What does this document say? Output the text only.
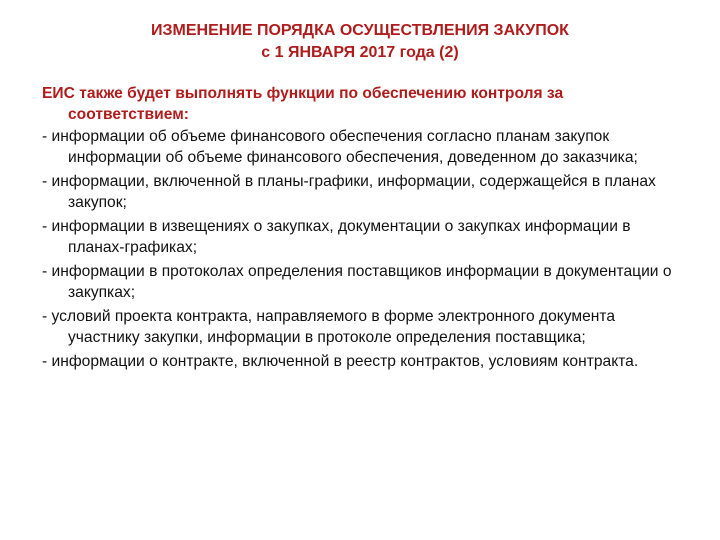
ИЗМЕНЕНИЕ ПОРЯДКА ОСУЩЕСТВЛЕНИЯ ЗАКУПОК
с 1 ЯНВАРЯ 2017 года (2)

ЕИС также будет выполнять функции по обеспечению контроля за соответствием:

- информации об объеме финансового обеспечения согласно планам закупок информации об объеме финансового обеспечения, доведенном до заказчика;

- информации, включенной в планы-графики, информации, содержащейся в планах закупок;

- информации в извещениях о закупках, документации о закупках информации в планах-графиках;

- информации в протоколах определения поставщиков информации в документации о закупках;

- условий проекта контракта, направляемого в форме электронного документа участнику закупки, информации в протоколе определения поставщика;

- информации о контракте, включенной в реестр контрактов, условиям контракта.
